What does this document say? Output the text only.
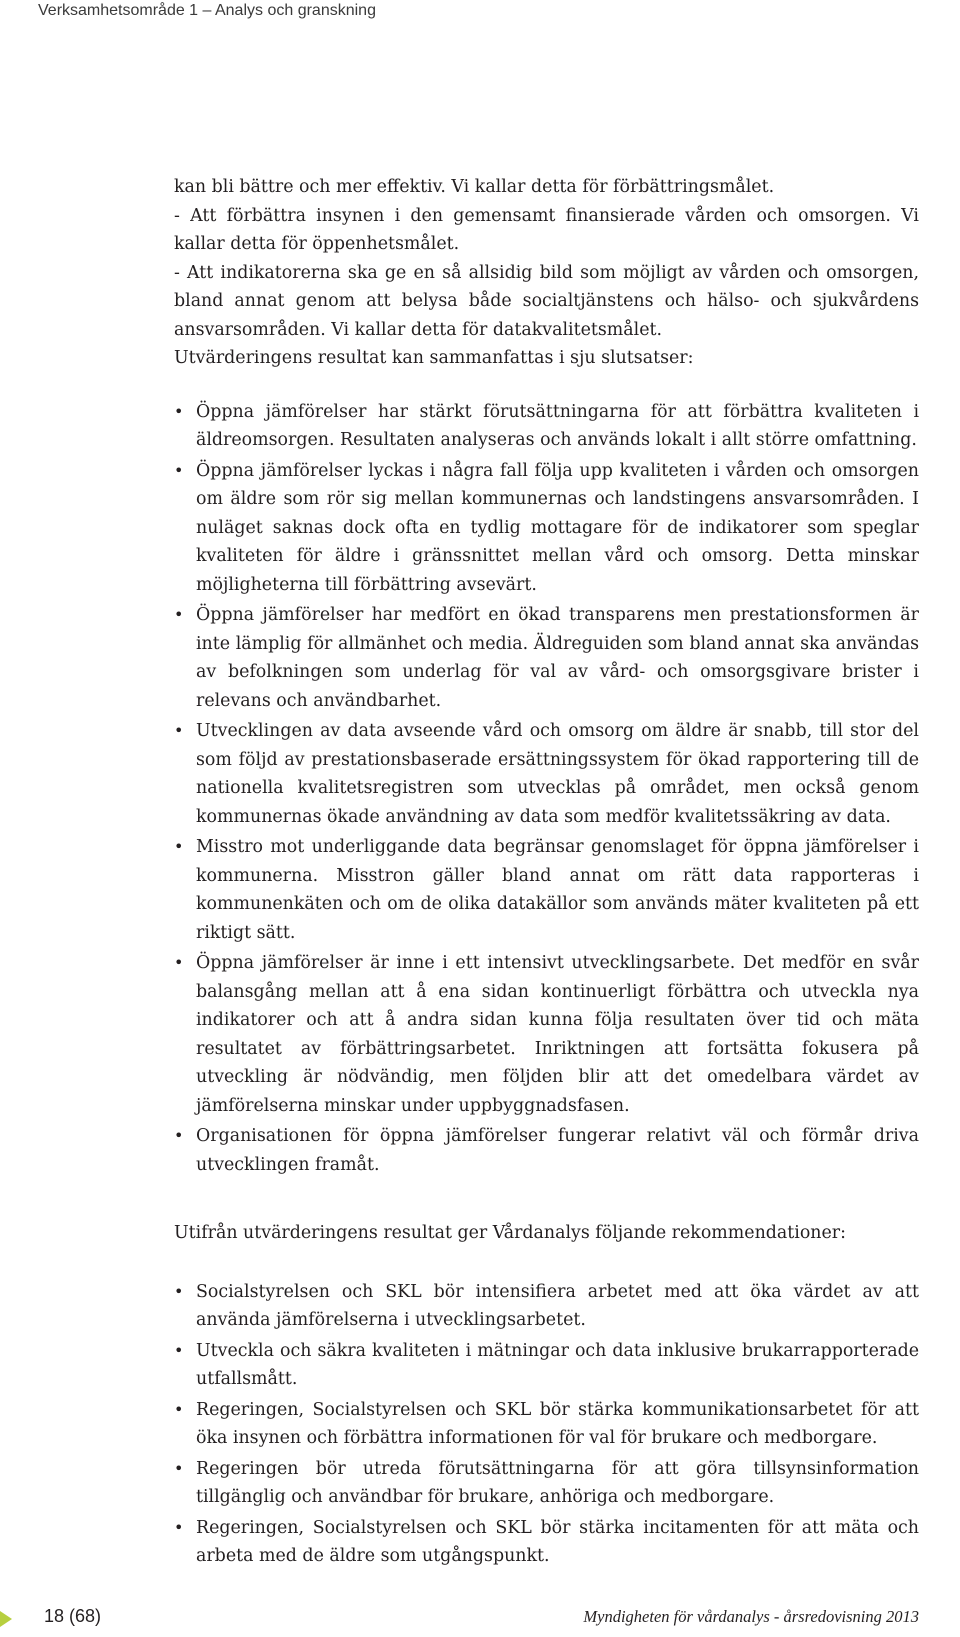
Verksamhetsområde 1 – Analys och granskning

kan bli bättre och mer effektiv. Vi kallar detta för förbättringsmålet.

- Att förbättra insynen i den gemensamt finansierade vården och omsorgen. Vi kallar detta för öppenhetsmålet.

- Att indikatorerna ska ge en så allsidig bild som möjligt av vården och omsorgen, bland annat genom att belysa både socialtjänstens och hälso- och sjukvårdens ansvarsområden. Vi kallar detta för datakvalitetsmålet.

Utvärderingens resultat kan sammanfattas i sju slutsatser:

• Öppna jämförelser har stärkt förutsättningarna för att förbättra kvaliteten i äldreomsorgen. Resultaten analyseras och används lokalt i allt större omfattning.
• Öppna jämförelser lyckas i några fall följa upp kvaliteten i vården och omsorgen om äldre som rör sig mellan kommunernas och landstingens ansvarsområden. I nuläget saknas dock ofta en tydlig mottagare för de indikatorer som speglar kvaliteten för äldre i gränssnittet mellan vård och omsorg. Detta minskar möjligheterna till förbättring avsevärt.
• Öppna jämförelser har medfört en ökad transparens men prestationsformen är inte lämplig för allmänhet och media. Äldreguiden som bland annat ska användas av befolkningen som underlag för val av vård- och omsorgsgivare brister i relevans och användbarhet.
• Utvecklingen av data avseende vård och omsorg om äldre är snabb, till stor del som följd av prestationsbaserade ersättningssystem för ökad rapportering till de nationella kvalitetsregistren som utvecklas på området, men också genom kommunernas ökade användning av data som medför kvalitetssäkring av data.
• Misstro mot underliggande data begränsar genomslaget för öppna jämförelser i kommunerna. Misstron gäller bland annat om rätt data rapporteras i kommunenkäten och om de olika datakällor som används mäter kvaliteten på ett riktigt sätt.
• Öppna jämförelser är inne i ett intensivt utvecklingsarbete. Det medför en svår balansgång mellan att å ena sidan kontinuerligt förbättra och utveckla nya indikatorer och att å andra sidan kunna följa resultaten över tid och mäta resultatet av förbättringsarbetet. Inriktningen att fortsätta fokusera på utveckling är nödvändig, men följden blir att det omedelbara värdet av jämförelserna minskar under uppbyggnadsfasen.
• Organisationen för öppna jämförelser fungerar relativt väl och förmår driva utvecklingen framåt.

Utifrån utvärderingens resultat ger Vårdanalys följande rekommendationer:

• Socialstyrelsen och SKL bör intensifiera arbetet med att öka värdet av att använda jämförelserna i utvecklingsarbetet.
• Utveckla och säkra kvaliteten i mätningar och data inklusive brukarrapporterade utfallsmått.
• Regeringen, Socialstyrelsen och SKL bör stärka kommunikationsarbetet för att öka insynen och förbättra informationen för val för brukare och medborgare.
• Regeringen bör utreda förutsättningarna för att göra tillsynsinformation tillgänglig och användbar för brukare, anhöriga och medborgare.
• Regeringen, Socialstyrelsen och SKL bör stärka incitamenten för att mäta och arbeta med de äldre som utgångspunkt.
18 (68)	Myndigheten för vårdanalys - årsredovisning 2013
